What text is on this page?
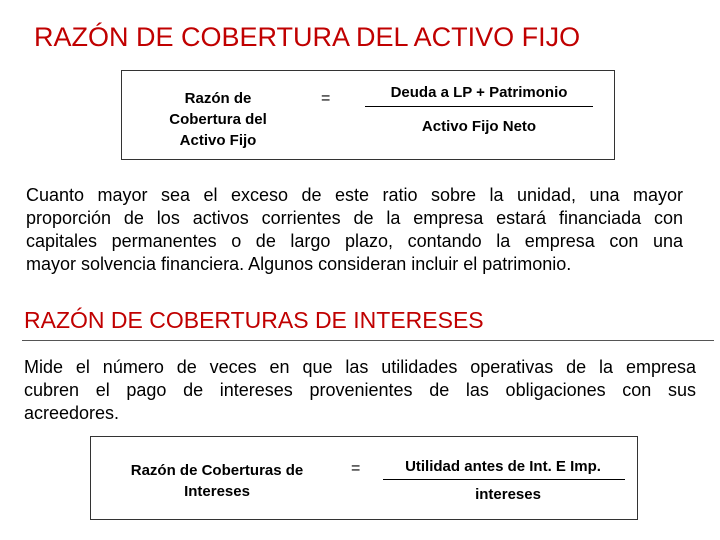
RAZÓN DE COBERTURA DEL ACTIVO FIJO
Razón de
Cobertura del
Activo Fijo
=	Deuda a LP + Patrimonio
Activo Fijo Neto
Cuanto mayor sea el exceso de este ratio sobre la unidad, una mayor
proporción de los activos corrientes de la empresa estará financiada con
capitales permanentes o de largo plazo, contando la empresa con una
mayor solvencia financiera. Algunos consideran incluir el patrimonio.
RAZÓN DE COBERTURAS DE INTERESES
Mide el número de veces en que las utilidades operativas de la empresa
cubren el pago de intereses provenientes de las obligaciones con sus
acreedores.
Razón de Coberturas de
Intereses
=	Utilidad antes de Int. E Imp.
intereses
